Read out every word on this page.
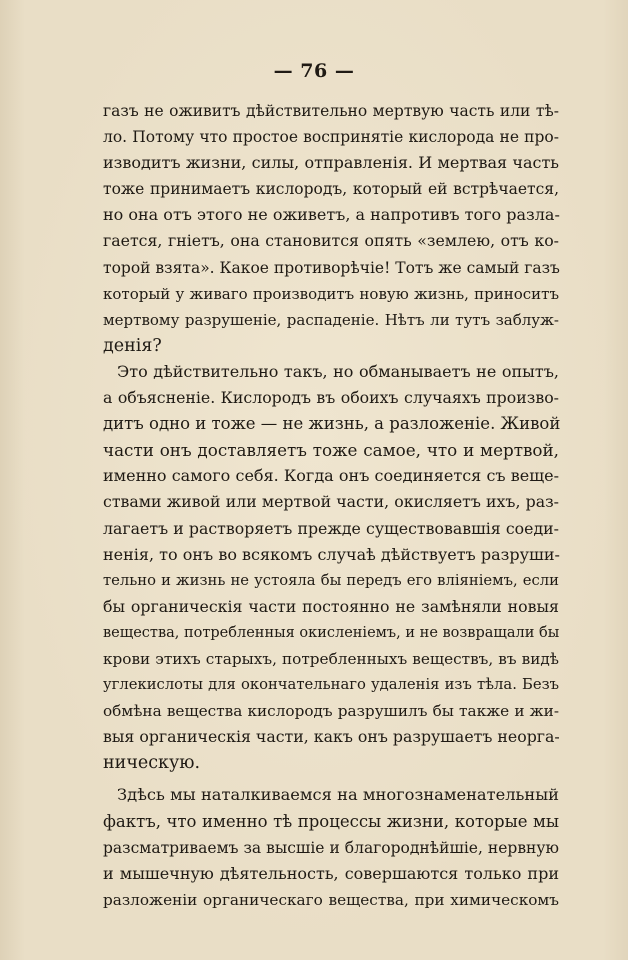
— 76 —
газъ не оживитъ дѣйствительно мертвую часть или тѣ-
ло. Потому что простое воспринятіе кислорода не про-
изводитъ жизни, силы, отправленія. И мертвая часть
тоже принимаетъ кислородъ, который ей встрѣчается,
но она отъ этого не оживетъ, а напротивъ того разла-
гается, гніетъ, она становится опять «землею, отъ ко-
торой взята». Какое противорѣчіе! Тотъ же самый газъ
который у живаго производитъ новую жизнь, приноситъ
мертвому разрушеніе, распаденіе. Нѣтъ ли тутъ заблуж-
денія?
Это дѣйствительно такъ, но обманываетъ не опытъ,
а объясненіе. Кислородъ въ обоихъ случаяхъ произво-
дитъ одно и тоже — не жизнь, а разложеніе. Живой
части онъ доставляетъ тоже самое, что и мертвой,
именно самого себя. Когда онъ соединяется съ веще-
ствами живой или мертвой части, окисляетъ ихъ, раз-
лагаетъ и растворяетъ прежде существовавшія соеди-
ненія, то онъ во всякомъ случаѣ дѣйствуетъ разруши-
тельно и жизнь не устояла бы передъ его вліяніемъ, если
бы органическія части постоянно не замѣняли новыя
вещества, потребленныя окисленіемъ, и не возвращали бы
крови этихъ старыхъ, потребленныхъ веществъ, въ видѣ
углекислоты для окончательнаго удаленія изъ тѣла. Безъ
обмѣна вещества кислородъ разрушилъ бы также и жи-
выя органическія части, какъ онъ разрушаетъ неорга-
ническую.
Здѣсь мы наталкиваемся на многознаменательный
фактъ, что именно тѣ процессы жизни, которые мы
разсматриваемъ за высшіе и благороднѣйшіе, нервную
и мышечную дѣятельность, совершаются только при
разложеніи органическаго вещества, при химическомъ
